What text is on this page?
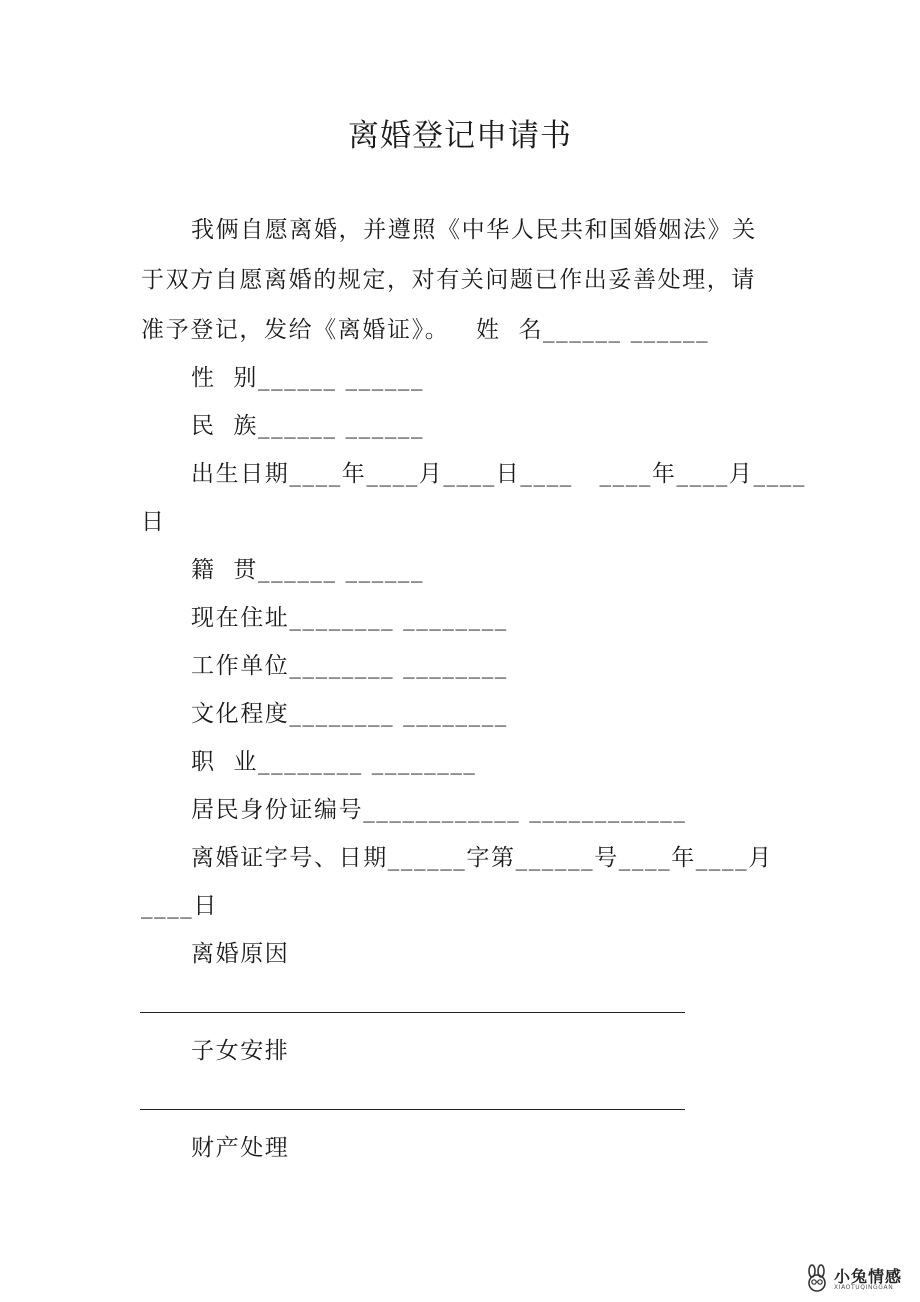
离婚登记申请书
我俩自愿离婚，并遵照《中华人民共和国婚姻法》关
于双方自愿离婚的规定，对有关问题已作出妥善处理，请
准予登记，发给《离婚证》。   姓  名______ ______
性  别______ ______
民  族______ ______
出生日期____年____月____日____   ____年____月____
日
籍  贯______ ______
现在住址________ ________
工作单位________ ________
文化程度________ ________
职  业________ ________
居民身份证编号____________ ____________
离婚证字号、日期______字第______号____年____月
____日
离婚原因
子女安排
财产处理
小兔情感
XIAOTUQINGGAN
